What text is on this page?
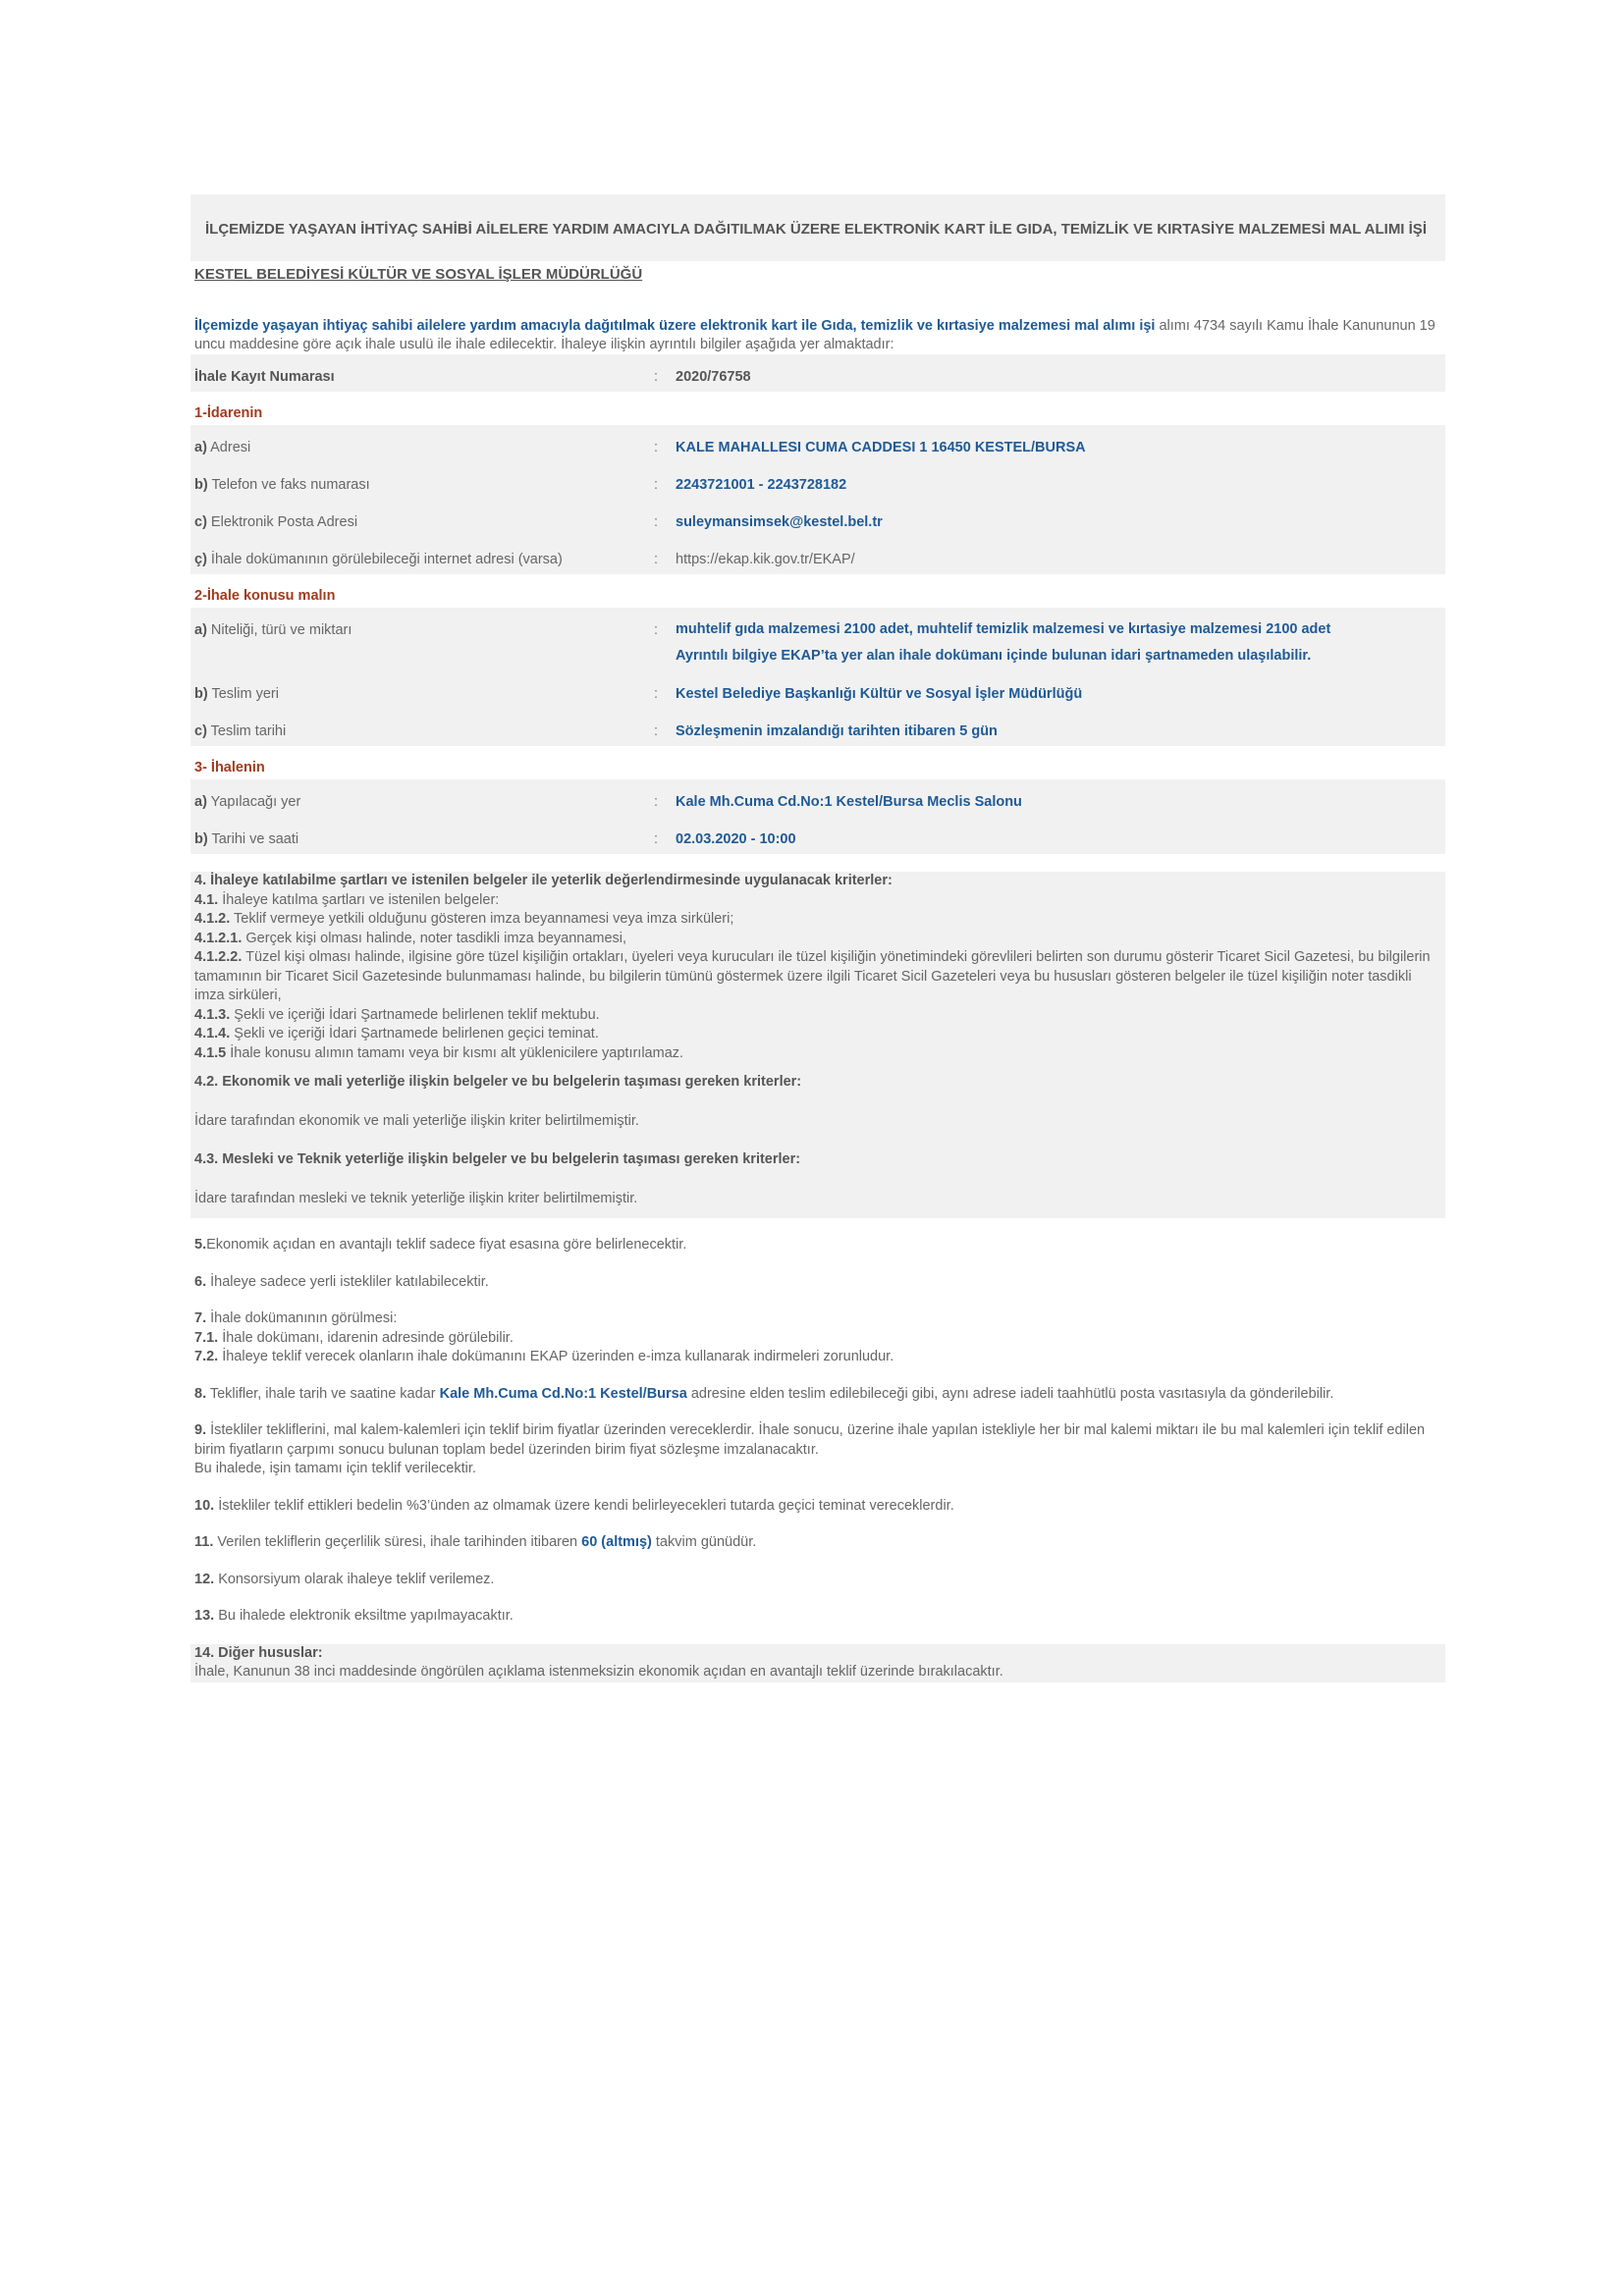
İLÇEMİZDE YAŞAYAN İHTİYAÇ SAHİBİ AİLELERE YARDIM AMACIYLA DAĞITILMAK ÜZERE ELEKTRONİK KART İLE GIDA, TEMİZLİK VE KIRTASİYE MALZEMESİ MAL ALIMI İŞİ
KESTEL BELEDİYESİ KÜLTÜR VE SOSYAL İŞLER MÜDÜRLÜĞÜ
İlçemizde yaşayan ihtiyaç sahibi ailelere yardım amacıyla dağıtılmak üzere elektronik kart ile Gıda, temizlik ve kırtasiye malzemesi mal alımı işi alımı 4734 sayılı Kamu İhale Kanununun 19 uncu maddesine göre açık ihale usulü ile ihale edilecektir. İhaleye ilişkin ayrıntılı bilgiler aşağıda yer almaktadır:
İhale Kayıt Numarası	:	2020/76758
1-İdarenin
a) Adresi	:	KALE MAHALLESI CUMA CADDESI 1 16450 KESTEL/BURSA
b) Telefon ve faks numarası	:	2243721001 - 2243728182
c) Elektronik Posta Adresi	:	suleymansimsek@kestel.bel.tr
ç) İhale dokümanının görülebileceği internet adresi (varsa)	:	https://ekap.kik.gov.tr/EKAP/
2-İhale konusu malın
a) Niteliği, türü ve miktarı	:	muhtelif gıda malzemesi 2100 adet, muhtelif temizlik malzemesi ve kırtasiye malzemesi 2100 adet
Ayrıntılı bilgiye EKAP’ta yer alan ihale dokümanı içinde bulunan idari şartnameden ulaşılabilir.

b) Teslim yeri	:	Kestel Belediye Başkanlığı Kültür ve Sosyal İşler Müdürlüğü
c) Teslim tarihi	:	Sözleşmenin imzalandığı tarihten itibaren 5 gün
3- İhalenin
a) Yapılacağı yer	:	Kale Mh.Cuma Cd.No:1 Kestel/Bursa Meclis Salonu
b) Tarihi ve saati	:	02.03.2020 - 10:00
4. İhaleye katılabilme şartları ve istenilen belgeler ile yeterlik değerlendirmesinde uygulanacak kriterler:
4.1. İhaleye katılma şartları ve istenilen belgeler:
4.1.2. Teklif vermeye yetkili olduğunu gösteren imza beyannamesi veya imza sirküleri;
4.1.2.1. Gerçek kişi olması halinde, noter tasdikli imza beyannamesi,
4.1.2.2. Tüzel kişi olması halinde, ilgisine göre tüzel kişiliğin ortakları, üyeleri veya kurucuları ile tüzel kişiliğin yönetimindeki görevlileri belirten son durumu gösterir Ticaret Sicil Gazetesi, bu bilgilerin tamamının bir Ticaret Sicil Gazetesinde bulunmaması halinde, bu bilgilerin tümünü göstermek üzere ilgili Ticaret Sicil Gazeteleri veya bu hususları gösteren belgeler ile tüzel kişiliğin noter tasdikli imza sirküleri,
4.1.3. Şekli ve içeriği İdari Şartnamede belirlenen teklif mektubu.
4.1.4. Şekli ve içeriği İdari Şartnamede belirlenen geçici teminat.
4.1.5 İhale konusu alımın tamamı veya bir kısmı alt yüklenicilere yaptırılamaz.
4.2. Ekonomik ve mali yeterliğe ilişkin belgeler ve bu belgelerin taşıması gereken kriterler:
İdare tarafından ekonomik ve mali yeterliğe ilişkin kriter belirtilmemiştir.
4.3. Mesleki ve Teknik yeterliğe ilişkin belgeler ve bu belgelerin taşıması gereken kriterler:
İdare tarafından mesleki ve teknik yeterliğe ilişkin kriter belirtilmemiştir.
5.Ekonomik açıdan en avantajlı teklif sadece fiyat esasına göre belirlenecektir.
6. İhaleye sadece yerli istekliler katılabilecektir.
7. İhale dokümanının görülmesi:
7.1. İhale dokümanı, idarenin adresinde görülebilir.
7.2. İhaleye teklif verecek olanların ihale dokümanını EKAP üzerinden e-imza kullanarak indirmeleri zorunludur.
8. Teklifler, ihale tarih ve saatine kadar Kale Mh.Cuma Cd.No:1 Kestel/Bursa adresine elden teslim edilebileceği gibi, aynı adrese iadeli taahhütlü posta vasıtasıyla da gönderilebilir.
9. İstekliler tekliflerini, mal kalem-kalemleri için teklif birim fiyatlar üzerinden vereceklerdir. İhale sonucu, üzerine ihale yapılan istekliyle her bir mal kalemi miktarı ile bu mal kalemleri için teklif edilen birim fiyatların çarpımı sonucu bulunan toplam bedel üzerinden birim fiyat sözleşme imzalanacaktır.
Bu ihalede, işin tamamı için teklif verilecektir.
10. İstekliler teklif ettikleri bedelin %3’ünden az olmamak üzere kendi belirleyecekleri tutarda geçici teminat vereceklerdir.
11. Verilen tekliflerin geçerlilik süresi, ihale tarihinden itibaren 60 (altmış) takvim günüdür.
12. Konsorsiyum olarak ihaleye teklif verilemez.
13. Bu ihalede elektronik eksiltme yapılmayacaktır.
14. Diğer hususlar:
İhale, Kanunun 38 inci maddesinde öngörülen açıklama istenmeksizin ekonomik açıdan en avantajlı teklif üzerinde bırakılacaktır.
